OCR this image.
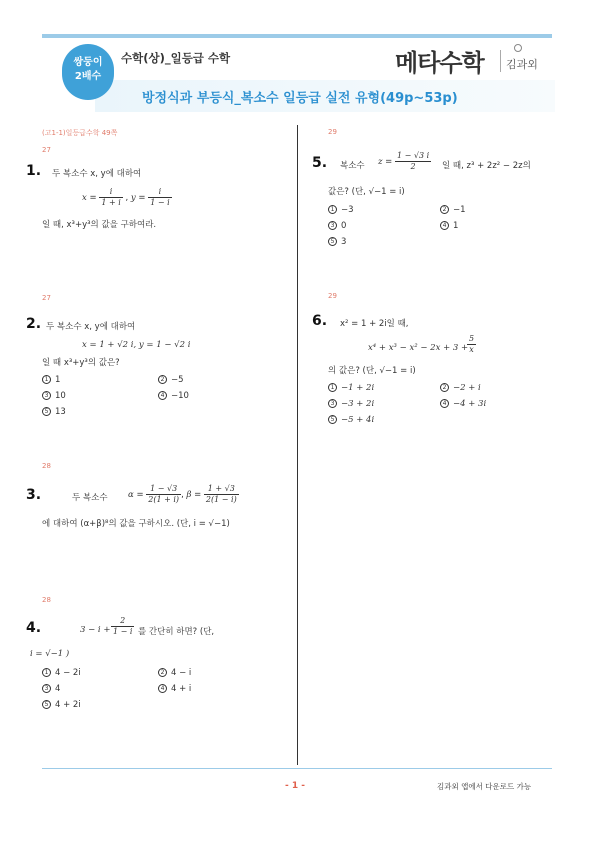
쌍둥이
2배수
수학(상)_일등급 수학
방정식과 부등식_복소수 일등급 실전 유형(49p~53p)
메타수학 김과외
(고1-1)일등급수학 49쪽
27
1. 두 복소수 x, y에 대하여
$x = \frac{i}{1 + i}$ , $y = \frac{i}{1 - i}$
일 때, x³+y³의 값을 구하여라.
27
2. 두 복소수 x, y에 대하여
x = 1 + √2 i, y = 1 − √2 i
일 때 x³+y³의 값은?
1 1	2 −5
3 10	4 −10
5 13
28
3.	두 복소수 $\alpha = \frac{1 - √3}{2(1 + i)}$ , $\beta = \frac{1 + √3}{2(1 - i)}$
에 대하여 (α+β)⁸의 값을 구하시오. (단, i = √−1)
28
4.	$3 - i + \frac{2}{1 - i}$ 를 간단히 하면? (단,
i = √−1 )
1 4 − 2i	2 4 − i
3 4	4 4 + i
5 4 + 2i
29
5. 복소수 $z = \frac{1 - √3 i}{2}$ 일 때, z³ + 2z² − 2z의
값은? (단, √−1 = i)
1 −3	2 −1
3 0	4 1
5 3
29
6. x² = 1 + 2i일 때,
x⁴ + x³ − x² − 2x + 3 +
$\frac{5}{x}$
의 값은? (단, √−1 = i)
1 −1 + 2i	2 −2 + i
3 −3 + 2i	4 −4 + 3i
5 −5 + 4i
- 1 -	김과외 앱에서 다운로드 가능
